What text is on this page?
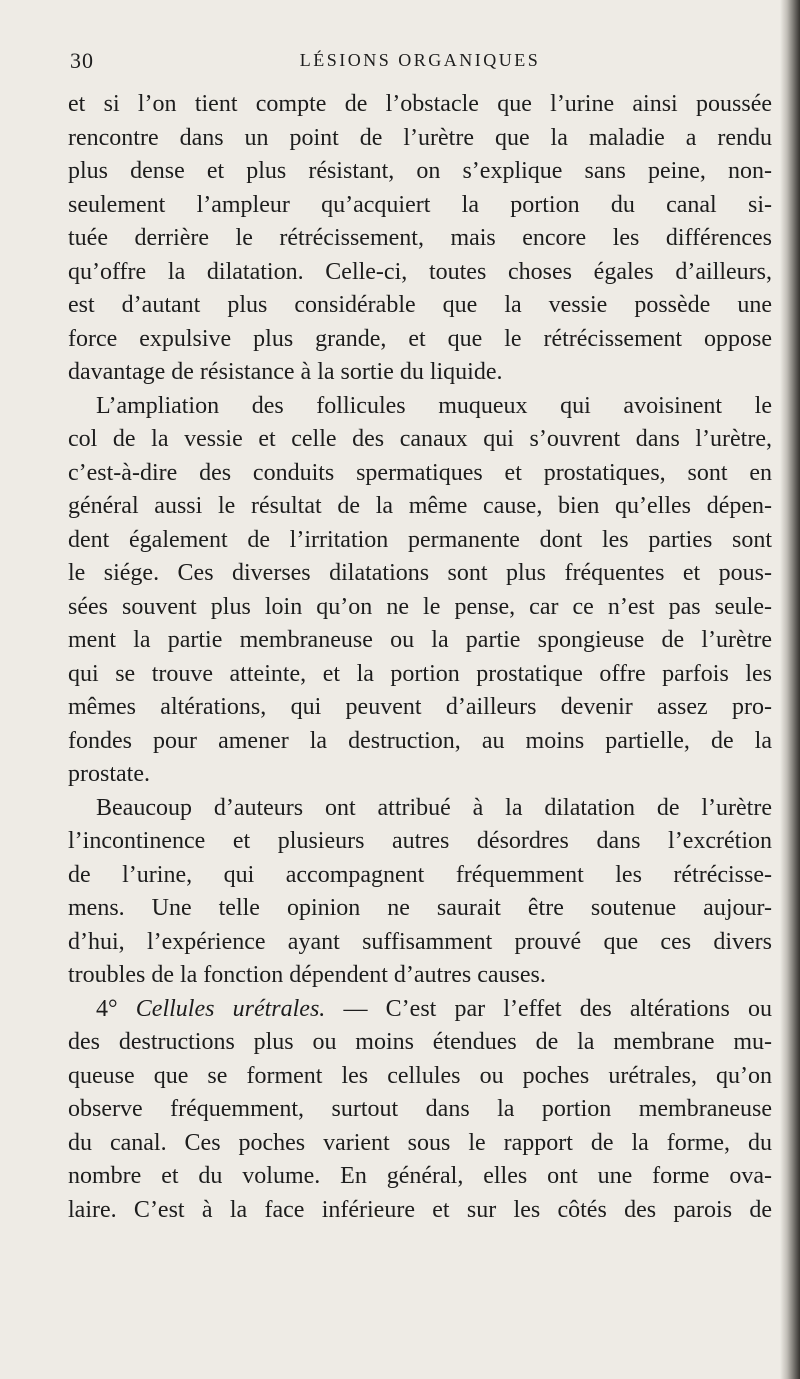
30	LÉSIONS ORGANIQUES
et si l’on tient compte de l’obstacle que l’urine ainsi poussée
rencontre dans un point de l’urètre que la maladie a rendu
plus dense et plus résistant, on s’explique sans peine, non-
seulement l’ampleur qu’acquiert la portion du canal si-
tuée derrière le rétrécissement, mais encore les différences
qu’offre la dilatation. Celle-ci, toutes choses égales d’ailleurs,
est d’autant plus considérable que la vessie possède une
force expulsive plus grande, et que le rétrécissement oppose
davantage de résistance à la sortie du liquide.
L’ampliation des follicules muqueux qui avoisinent le
col de la vessie et celle des canaux qui s’ouvrent dans l’urètre,
c’est-à-dire des conduits spermatiques et prostatiques, sont en
général aussi le résultat de la même cause, bien qu’elles dépen-
dent également de l’irritation permanente dont les parties sont
le siége. Ces diverses dilatations sont plus fréquentes et pous-
sées souvent plus loin qu’on ne le pense, car ce n’est pas seule-
ment la partie membraneuse ou la partie spongieuse de l’urètre
qui se trouve atteinte, et la portion prostatique offre parfois les
mêmes altérations, qui peuvent d’ailleurs devenir assez pro-
fondes pour amener la destruction, au moins partielle, de la
prostate.
Beaucoup d’auteurs ont attribué à la dilatation de l’urètre
l’incontinence et plusieurs autres désordres dans l’excrétion
de l’urine, qui accompagnent fréquemment les rétrécisse-
mens. Une telle opinion ne saurait être soutenue aujour-
d’hui, l’expérience ayant suffisamment prouvé que ces divers
troubles de la fonction dépendent d’autres causes.
4° Cellules urétrales. — C’est par l’effet des altérations ou
des destructions plus ou moins étendues de la membrane mu-
queuse que se forment les cellules ou poches urétrales, qu’on
observe fréquemment, surtout dans la portion membraneuse
du canal. Ces poches varient sous le rapport de la forme, du
nombre et du volume. En général, elles ont une forme ova-
laire. C’est à la face inférieure et sur les côtés des parois de
